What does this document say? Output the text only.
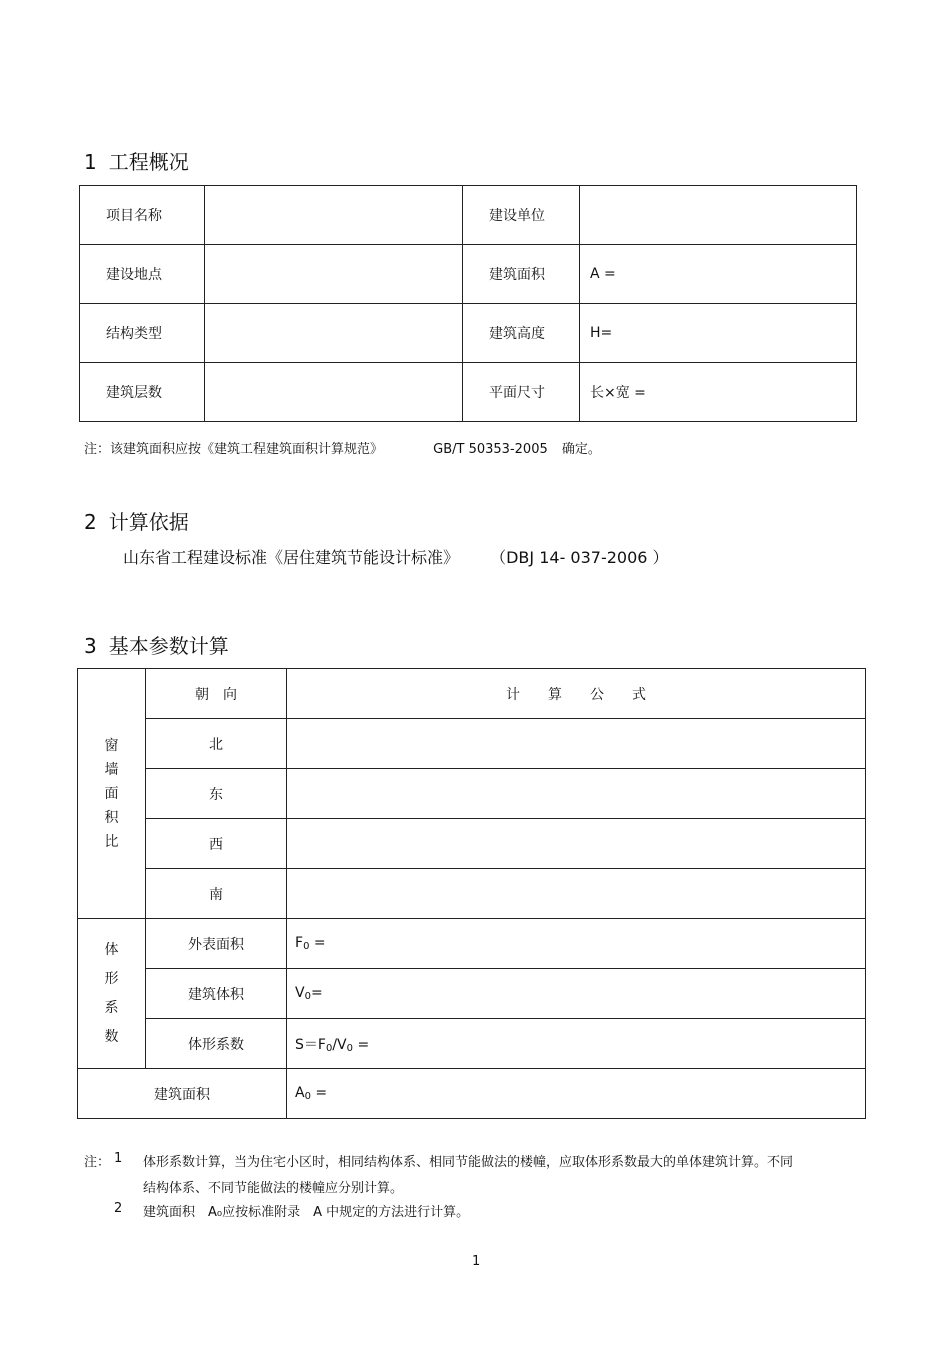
1 工程概况
项目名称		建设单位	
建设地点		建筑面积	A =
结构类型		建筑高度	H=
建筑层数		平面尺寸	长×宽 =
注：该建筑面积应按《建筑工程建筑面积计算规范》	GB/T 50353-2005 确定。
2 计算依据
山东省工程建设标准《居住建筑节能设计标准》 （DBJ 14- 037-2006 ）
3 基本参数计算
窗
墙
面
积
比	朝　向	计　　算　　公　　式
	北	
	东	
	西	
	南	

体
形
系
数	外表面积	$F_0$ =
	建筑体积	$V_0=$
	体形系数	$S=F_0/V_0$ =
建筑面积		$A_0$ =
注： 1 体形系数计算，当为住宅小区时，相同结构体系、相同节能做法的楼幢，应取体形系数最大的单体建筑计算。不同
结构体系、不同节能做法的楼幢应分别计算。
2 建筑面积　A₀应按标准附录　A 中规定的方法进行计算。
1
